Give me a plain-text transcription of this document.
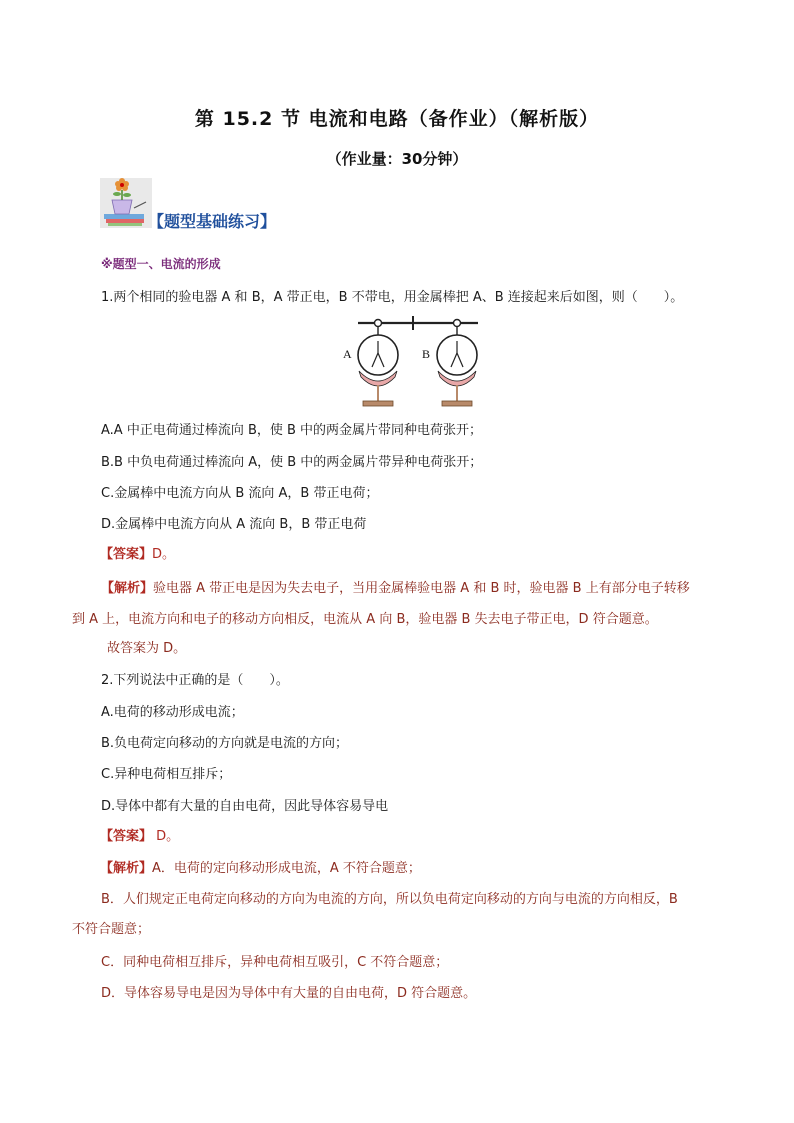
第 15.2 节 电流和电路（备作业）（解析版）
（作业量：30分钟）
【题型基础练习】
※题型一、电流的形成
1.两个相同的验电器 A 和 B，A 带正电，B 不带电，用金属棒把 A、B 连接起来后如图，则（　　）。
A	B
A.A 中正电荷通过棒流向 B，使 B 中的两金属片带同种电荷张开；
B.B 中负电荷通过棒流向 A，使 B 中的两金属片带异种电荷张开；
C.金属棒中电流方向从 B 流向 A，B 带正电荷；
D.金属棒中电流方向从 A 流向 B，B 带正电荷
【答案】D。
【解析】验电器 A 带正电是因为失去电子，当用金属棒验电器 A 和 B 时，验电器 B 上有部分电子转移
到 A 上，电流方向和电子的移动方向相反，电流从 A 向 B，验电器 B 失去电子带正电，D 符合题意。
故答案为 D。
2.下列说法中正确的是（　　）。
A.电荷的移动形成电流；
B.负电荷定向移动的方向就是电流的方向；
C.异种电荷相互排斥；
D.导体中都有大量的自由电荷，因此导体容易导电
【答案】 D。
【解析】A．电荷的定向移动形成电流，A 不符合题意；
B．人们规定正电荷定向移动的方向为电流的方向，所以负电荷定向移动的方向与电流的方向相反，B
不符合题意；
C．同种电荷相互排斥，异种电荷相互吸引，C 不符合题意；
D．导体容易导电是因为导体中有大量的自由电荷，D 符合题意。
